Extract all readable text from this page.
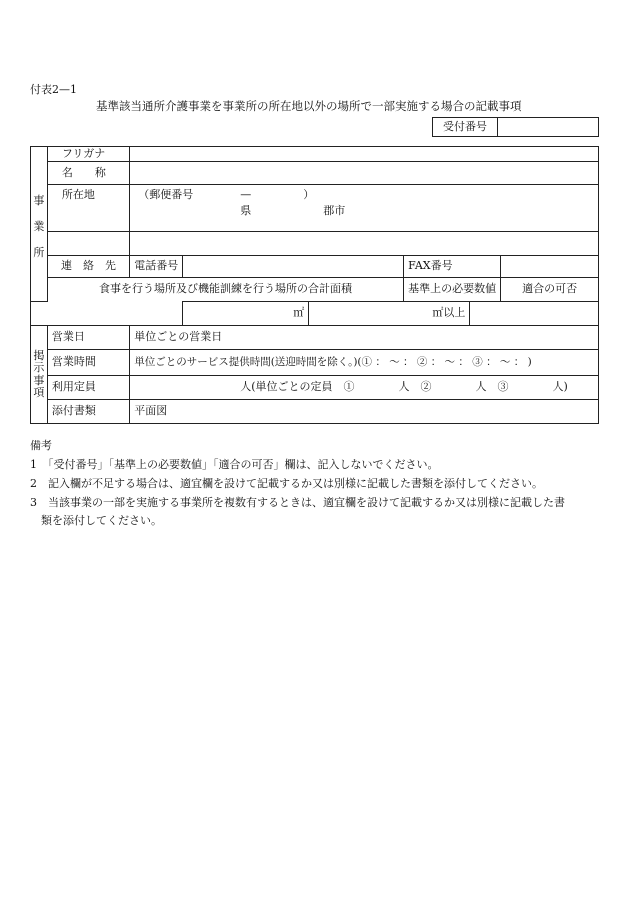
付表2—1
基準該当通所介護事業を事業所の所在地以外の場所で一部実施する場合の記載事項
受付番号	
事
業
所	フリガナ						
	名　　称						
	所在地	（郵便番号 — ）
県 郡市					

	連　絡　先	電話番号			FAX番号		
	食事を行う場所及び機能訓練を行う場所の合計面積				基準上の必要数値		適合の可否
			㎡	㎡以上			

掲
示
事
項	営業日	単位ごとの営業日					
	営業時間	単位ごとのサービス提供時間(送迎時間を除く。)(① ： 〜 ： ② ： 〜 ： ③ ： 〜 ： )					
	利用定員	人(単位ごとの定員　①　　　　人　②　　　　人　③　　　　人)					
	添付書類	平面図					
備考
1　「受付番号」「基準上の必要数値」「適合の可否」欄は、記入しないでください。
2　記入欄が不足する場合は、適宜欄を設けて記載するか又は別様に記載した書類を添付してください。
3　当該事業の一部を実施する事業所を複数有するときは、適宜欄を設けて記載するか又は別様に記載した書
　類を添付してください。
